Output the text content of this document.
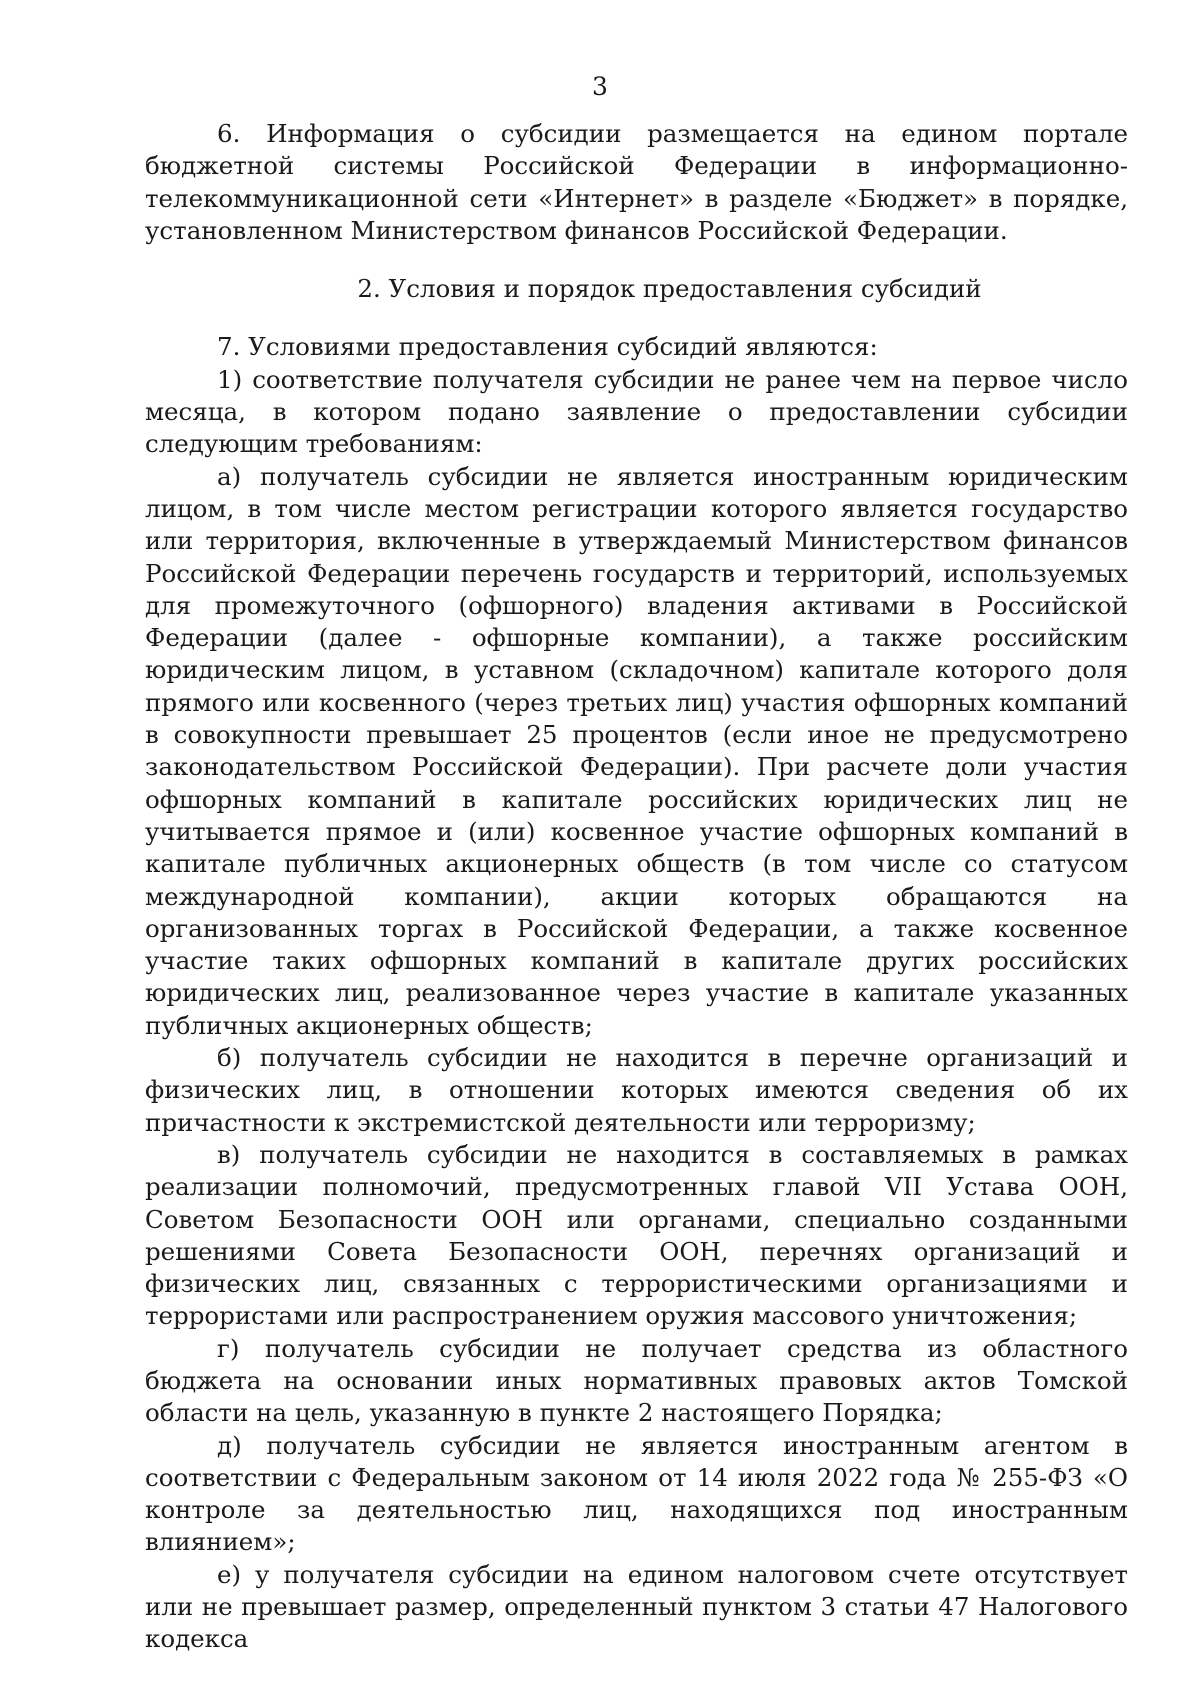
3

6. Информация о субсидии размещается на едином портале бюджетной системы Российской Федерации в информационно-телекоммуникационной сети «Интернет» в разделе «Бюджет» в порядке, установленном Министерством финансов Российской Федерации.

2. Условия и порядок предоставления субсидий

7. Условиями предоставления субсидий являются:

1) соответствие получателя субсидии не ранее чем на первое число месяца, в котором подано заявление о предоставлении субсидии следующим требованиям:

а) получатель субсидии не является иностранным юридическим лицом, в том числе местом регистрации которого является государство или территория, включенные в утверждаемый Министерством финансов Российской Федерации перечень государств и территорий, используемых для промежуточного (офшорного) владения активами в Российской Федерации (далее - офшорные компании), а также российским юридическим лицом, в уставном (складочном) капитале которого доля прямого или косвенного (через третьих лиц) участия офшорных компаний в совокупности превышает 25 процентов (если иное не предусмотрено законодательством Российской Федерации). При расчете доли участия офшорных компаний в капитале российских юридических лиц не учитывается прямое и (или) косвенное участие офшорных компаний в капитале публичных акционерных обществ (в том числе со статусом международной компании), акции которых обращаются на организованных торгах в Российской Федерации, а также косвенное участие таких офшорных компаний в капитале других российских юридических лиц, реализованное через участие в капитале указанных публичных акционерных обществ;

б) получатель субсидии не находится в перечне организаций и физических лиц, в отношении которых имеются сведения об их причастности к экстремистской деятельности или терроризму;

в) получатель субсидии не находится в составляемых в рамках реализации полномочий, предусмотренных главой VII Устава ООН, Советом Безопасности ООН или органами, специально созданными решениями Совета Безопасности ООН, перечнях организаций и физических лиц, связанных с террористическими организациями и террористами или распространением оружия массового уничтожения;

г) получатель субсидии не получает средства из областного бюджета на основании иных нормативных правовых актов Томской области на цель, указанную в пункте 2 настоящего Порядка;

д) получатель субсидии не является иностранным агентом в соответствии с Федеральным законом от 14 июля 2022 года № 255-ФЗ «О контроле за деятельностью лиц, находящихся под иностранным влиянием»;

е) у получателя субсидии на едином налоговом счете отсутствует или не превышает размер, определенный пунктом 3 статьи 47 Налогового кодекса
